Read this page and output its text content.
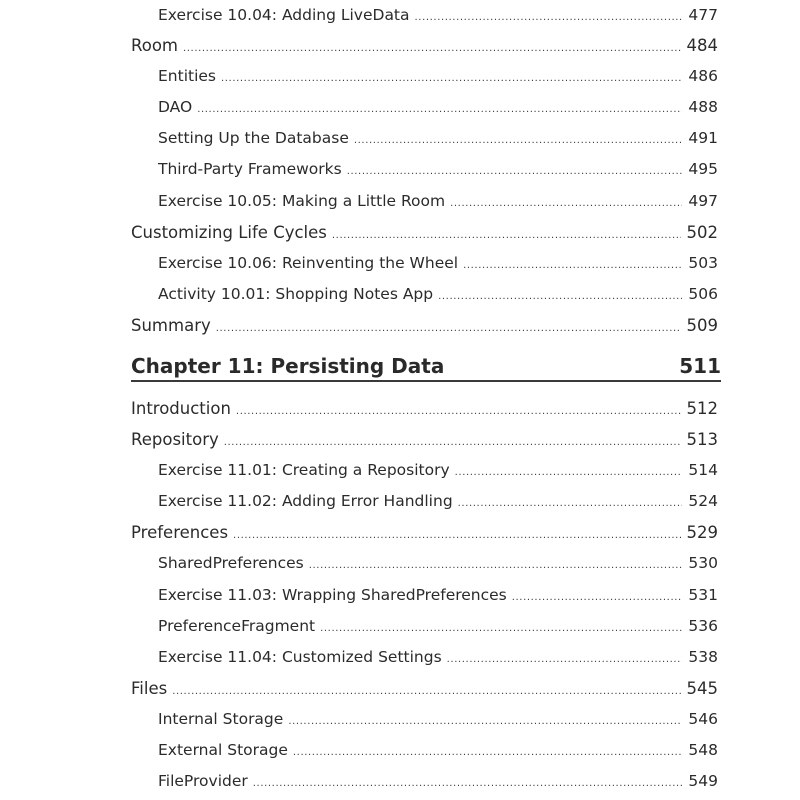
Exercise 10.04: Adding LiveData .....	477
Room .....	484
Entities .....	486
DAO .....	488
Setting Up the Database .....	491
Third-Party Frameworks .....	495
Exercise 10.05: Making a Little Room .....	497
Customizing Life Cycles .....	502
Exercise 10.06: Reinventing the Wheel .....	503
Activity 10.01: Shopping Notes App .....	506
Summary .....	509
Chapter 11: Persisting Data	511
Introduction .....	512
Repository .....	513
Exercise 11.01: Creating a Repository .....	514
Exercise 11.02: Adding Error Handling .....	524
Preferences .....	529
SharedPreferences .....	530
Exercise 11.03: Wrapping SharedPreferences .....	531
PreferenceFragment .....	536
Exercise 11.04: Customized Settings .....	538
Files .....	545
Internal Storage .....	546
External Storage .....	548
FileProvider .....	549
